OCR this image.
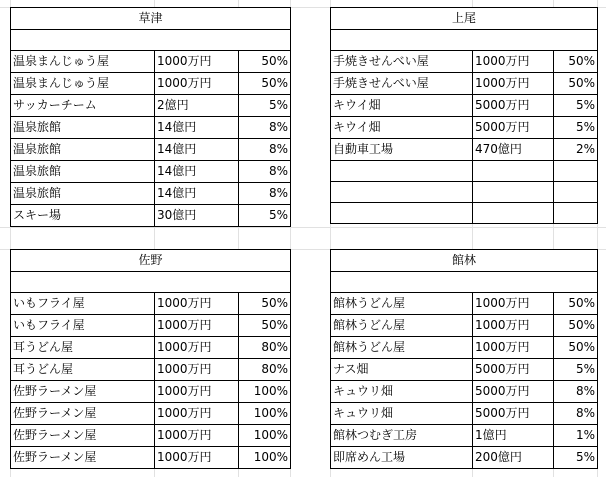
草津		

温泉まんじゅう屋	1000万円	50%
温泉まんじゅう屋	1000万円	50%
サッカーチーム	2億円	5%
温泉旅館	14億円	8%
温泉旅館	14億円	8%
温泉旅館	14億円	8%
温泉旅館	14億円	8%
スキー場	30億円	5%
上尾		

手焼きせんべい屋	1000万円	50%
手焼きせんべい屋	1000万円	50%
キウイ畑	5000万円	5%
キウイ畑	5000万円	5%
自動車工場	470億円	2%

佐野		

いもフライ屋	1000万円	50%
いもフライ屋	1000万円	50%
耳うどん屋	1000万円	80%
耳うどん屋	1000万円	80%
佐野ラーメン屋	1000万円	100%
佐野ラーメン屋	1000万円	100%
佐野ラーメン屋	1000万円	100%
佐野ラーメン屋	1000万円	100%
館林		

館林うどん屋	1000万円	50%
館林うどん屋	1000万円	50%
館林うどん屋	1000万円	50%
ナス畑	5000万円	5%
キュウリ畑	5000万円	8%
キュウリ畑	5000万円	8%
館林つむぎ工房	1億円	1%
即席めん工場	200億円	5%
